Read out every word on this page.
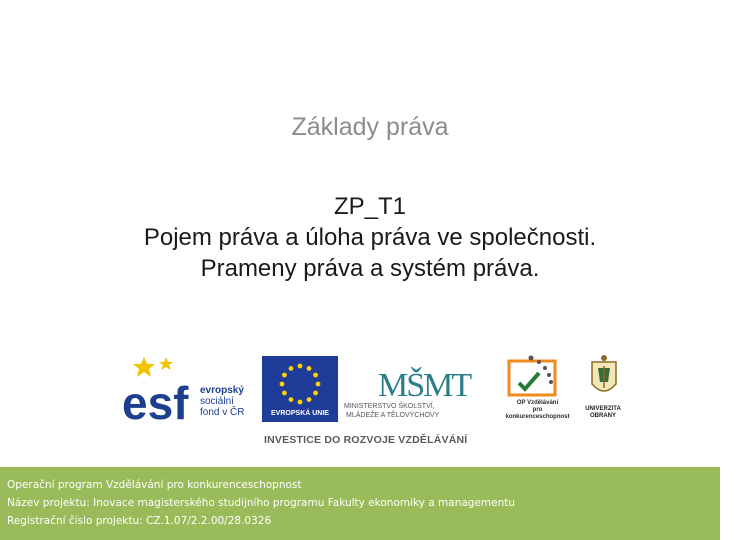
Základy práva
ZP_T1
Pojem práva a úloha práva ve společnosti.
Prameny práva a systém práva.
esf evropský
sociální
fond v ČR	EVROPSKÁ UNIE
MŠMT
MINISTERSTVO ŠKOLSTVÍ,
MLÁDEŽE A TĚLOVÝCHOVY
OP Vzdělávání
pro konkurenceschopnost
UNIVERZITA
OBRANY
INVESTICE DO ROZVOJE VZDĚLÁVÁNÍ
Operační program Vzdělávání pro konkurenceschopnost
Název projektu: Inovace magisterského studijního programu Fakulty ekonomiky a managementu
Registrační číslo projektu: CZ.1.07/2.2.00/28.0326
